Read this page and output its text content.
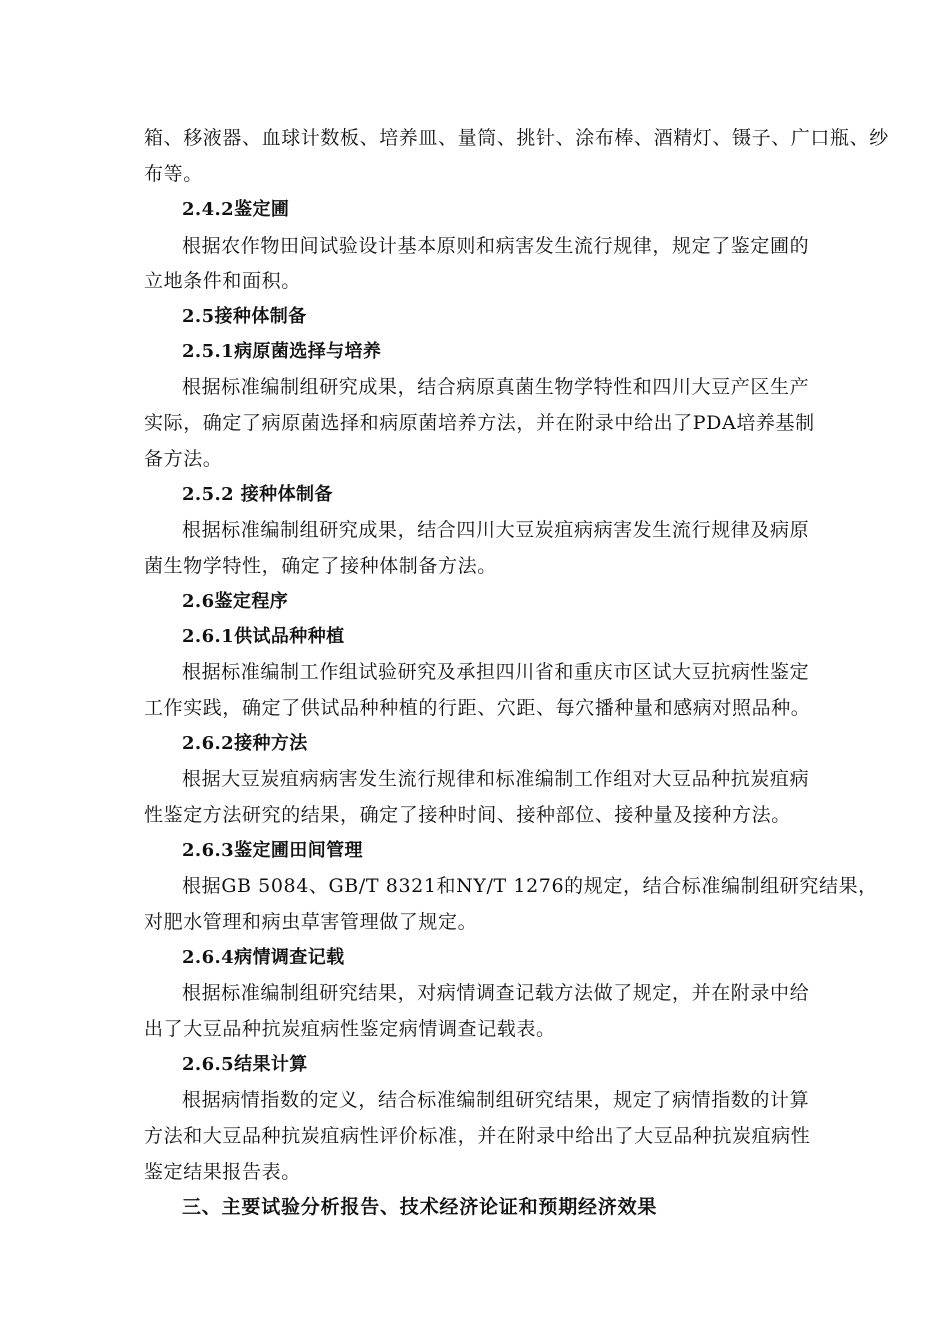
箱、移液器、血球计数板、培养皿、量筒、挑针、涂布棒、酒精灯、镊子、广口瓶、纱
布等。
2.4.2鉴定圃
根据农作物田间试验设计基本原则和病害发生流行规律，规定了鉴定圃的
立地条件和面积。
2.5接种体制备
2.5.1病原菌选择与培养
根据标准编制组研究成果，结合病原真菌生物学特性和四川大豆产区生产
实际，确定了病原菌选择和病原菌培养方法，并在附录中给出了PDA培养基制
备方法。
2.5.2 接种体制备
根据标准编制组研究成果，结合四川大豆炭疽病病害发生流行规律及病原
菌生物学特性，确定了接种体制备方法。
2.6鉴定程序
2.6.1供试品种种植
根据标准编制工作组试验研究及承担四川省和重庆市区试大豆抗病性鉴定
工作实践，确定了供试品种种植的行距、穴距、每穴播种量和感病对照品种。
2.6.2接种方法
根据大豆炭疽病病害发生流行规律和标准编制工作组对大豆品种抗炭疽病
性鉴定方法研究的结果，确定了接种时间、接种部位、接种量及接种方法。
2.6.3鉴定圃田间管理
根据GB 5084、GB/T 8321和NY/T 1276的规定，结合标准编制组研究结果，
对肥水管理和病虫草害管理做了规定。
2.6.4病情调查记载
根据标准编制组研究结果，对病情调查记载方法做了规定，并在附录中给
出了大豆品种抗炭疽病性鉴定病情调查记载表。
2.6.5结果计算
根据病情指数的定义，结合标准编制组研究结果，规定了病情指数的计算
方法和大豆品种抗炭疽病性评价标准，并在附录中给出了大豆品种抗炭疽病性
鉴定结果报告表。
三、主要试验分析报告、技术经济论证和预期经济效果
